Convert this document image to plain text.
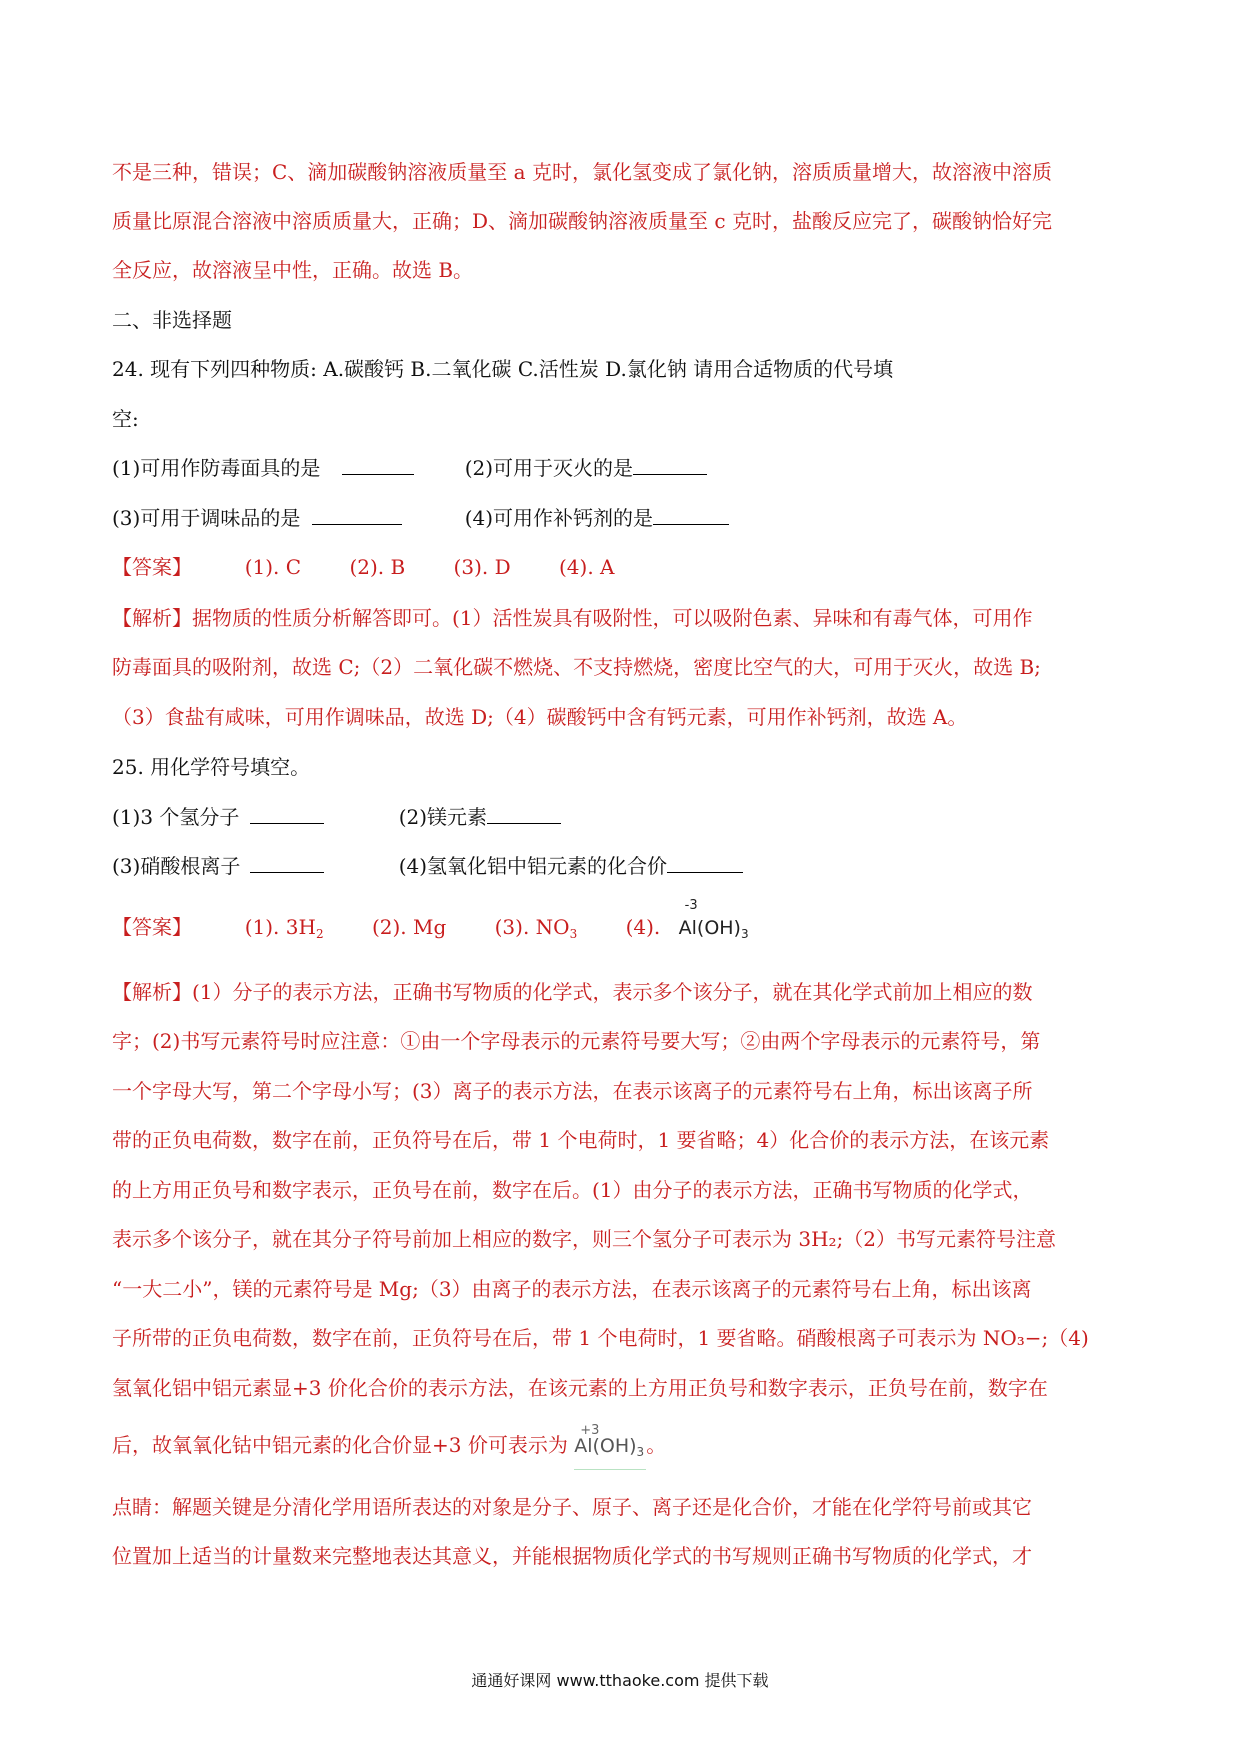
不是三种，错误；C、滴加碳酸钠溶液质量至 a 克时，氯化氢变成了氯化钠，溶质质量增大，故溶液中溶质
质量比原混合溶液中溶质质量大，正确；D、滴加碳酸钠溶液质量至 c 克时，盐酸反应完了，碳酸钠恰好完
全反应，故溶液呈中性，正确。故选 B。
二、非选择题
24. 现有下列四种物质: A.碳酸钙 B.二氧化碳 C.活性炭 D.氯化钠 请用合适物质的代号填
空:
(1)可用作防毒面具的是	(2)可用于灭火的是
(3)可用于调味品的是	(4)可用作补钙剂的是
【答案】	(1). C (2). B (3). D (4). A
【解析】据物质的性质分析解答即可。(1）活性炭具有吸附性，可以吸附色素、异味和有毒气体，可用作
防毒面具的吸附剂，故选 C;（2）二氧化碳不燃烧、不支持燃烧，密度比空气的大，可用于灭火，故选 B;
（3）食盐有咸味，可用作调味品，故选 D;（4）碳酸钙中含有钙元素，可用作补钙剂，故选 A。
25. 用化学符号填空。
(1)3 个氢分子	(2)镁元素
(3)硝酸根离子	(4)氢氧化铝中铝元素的化合价
【答案】	(1). $3H_2$ (2). Mg (3). $NO_3$ (4).
-3
$Al(OH)_3$
【解析】(1）分子的表示方法，正确书写物质的化学式，表示多个该分子，就在其化学式前加上相应的数
字；(2)书写元素符号时应注意：①由一个字母表示的元素符号要大写；②由两个字母表示的元素符号，第
一个字母大写，第二个字母小写；(3）离子的表示方法，在表示该离子的元素符号右上角，标出该离子所
带的正负电荷数，数字在前，正负符号在后，带 1 个电荷时，1 要省略；4）化合价的表示方法，在该元素
的上方用正负号和数字表示，正负号在前，数字在后。(1）由分子的表示方法，正确书写物质的化学式，
表示多个该分子，就在其分子符号前加上相应的数字，则三个氢分子可表示为 3H₂;（2）书写元素符号注意
“一大二小”，镁的元素符号是 Mg;（3）由离子的表示方法，在表示该离子的元素符号右上角，标出该离
子所带的正负电荷数，数字在前，正负符号在后，带 1 个电荷时，1 要省略。硝酸根离子可表示为 NO₃−;（4)
氢氧化铝中铝元素显+3 价化合价的表示方法，在该元素的上方用正负号和数字表示，正负号在前，数字在
后，故氧氧化钴中铝元素的化合价显+3 价可表示为
+3
$Al(OH)_3$ 。
点睛：解题关键是分清化学用语所表达的对象是分子、原子、离子还是化合价，才能在化学符号前或其它
位置加上适当的计量数来完整地表达其意义，并能根据物质化学式的书写规则正确书写物质的化学式，才
通通好课网 www.tthaoke.com 提供下载
